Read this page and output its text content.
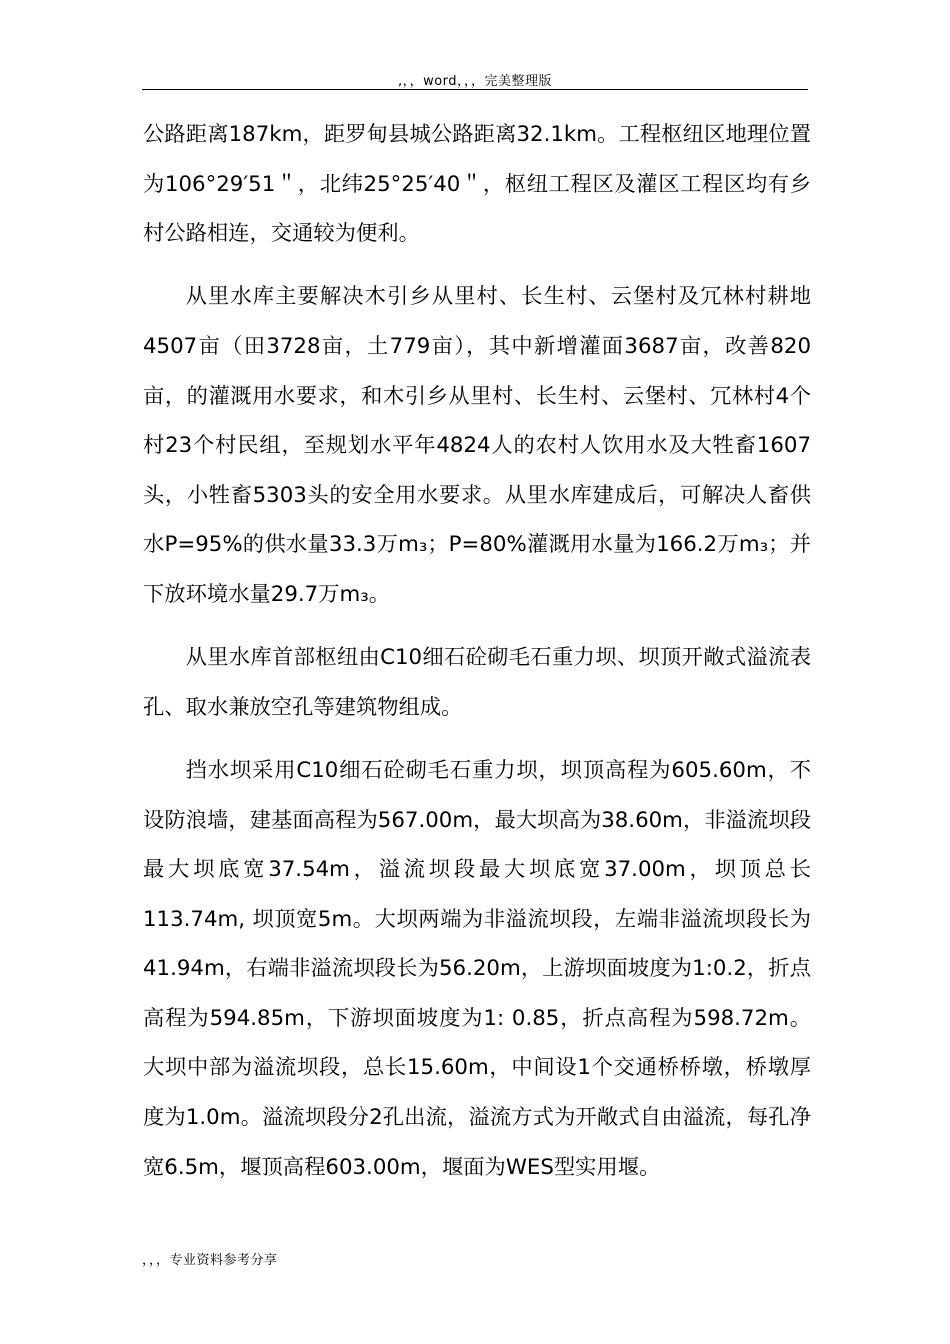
,，，word，，，完美整理版

公路距离187km，距罗甸县城公路距离32.1km。工程枢纽区地理位置为106°29′51＂，北纬25°25′40＂，枢纽工程区及灌区工程区均有乡村公路相连，交通较为便利。

从里水库主要解决木引乡从里村、长生村、云堡村及冗林村耕地4507亩（田3728亩，土779亩），其中新增灌面3687亩，改善820亩，的灌溉用水要求，和木引乡从里村、长生村、云堡村、冗林村4个村23个村民组，至规划水平年4824人的农村人饮用水及大牲畜1607头，小牲畜5303头的安全用水要求。从里水库建成后，可解决人畜供水P=95%的供水量33.3万m₃；P=80%灌溉用水量为166.2万m₃；并下放环境水量29.7万m₃。

从里水库首部枢纽由C10细石砼砌毛石重力坝、坝顶开敞式溢流表孔、取水兼放空孔等建筑物组成。

挡水坝采用C10细石砼砌毛石重力坝，坝顶高程为605.60m，不设防浪墙，建基面高程为567.00m，最大坝高为38.60m，非溢流坝段最大坝底宽37.54m，溢流坝段最大坝底宽37.00m，坝顶总长113.74m, 坝顶宽5m。大坝两端为非溢流坝段，左端非溢流坝段长为41.94m，右端非溢流坝段长为56.20m，上游坝面坡度为1:0.2，折点高程为594.85m，下游坝面坡度为1: 0.85，折点高程为598.72m。大坝中部为溢流坝段，总长15.60m，中间设1个交通桥桥墩，桥墩厚度为1.0m。溢流坝段分2孔出流，溢流方式为开敞式自由溢流，每孔净宽6.5m，堰顶高程603.00m，堰面为WES型实用堰。

，，，专业资料参考分享
